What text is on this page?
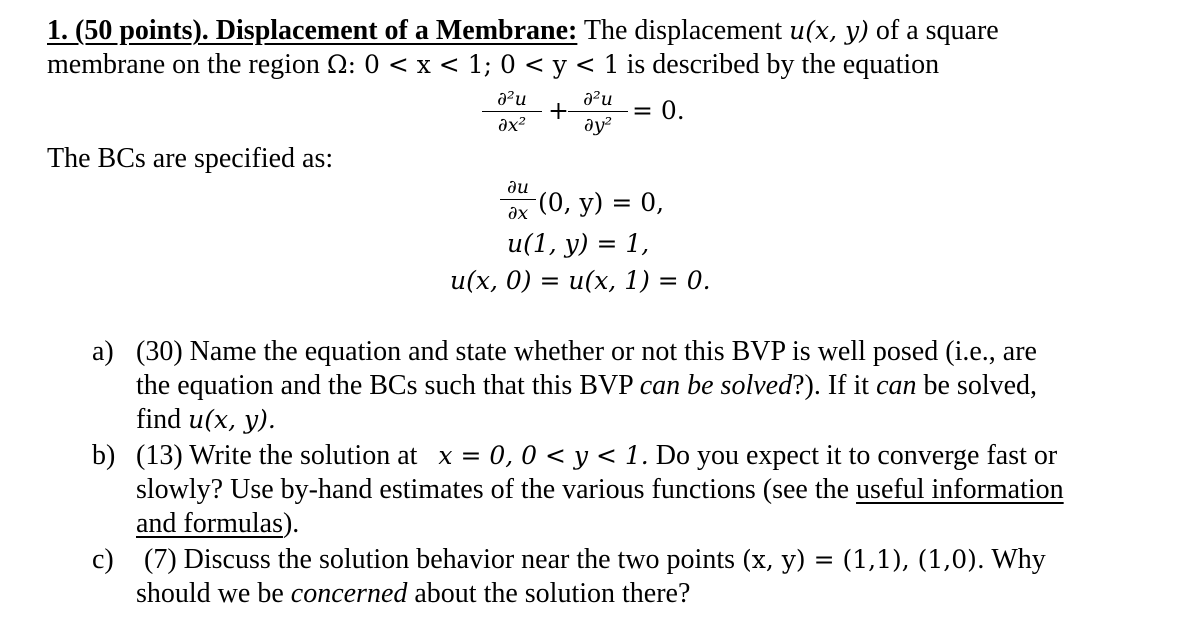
1. (50 points). Displacement of a Membrane: The displacement u(x, y) of a square
membrane on the region Ω: 0 < x < 1; 0 < y < 1 is described by the equation
∂²u
∂x² + ∂²u
∂y² = 0.
The BCs are specified as:
∂u
∂x (0, y) = 0,
u(1, y) = 1,
u(x, 0) = u(x, 1) = 0.
a) (30) Name the equation and state whether or not this BVP is well posed (i.e., are
the equation and the BCs such that this BVP can be solved?). If it can be solved,
find u(x, y).
b) (13) Write the solution at x = 0, 0 < y < 1. Do you expect it to converge fast or
slowly? Use by-hand estimates of the various functions (see the useful information
and formulas).
c) (7) Discuss the solution behavior near the two points (x, y) = (1,1), (1,0). Why
should we be concerned about the solution there?
